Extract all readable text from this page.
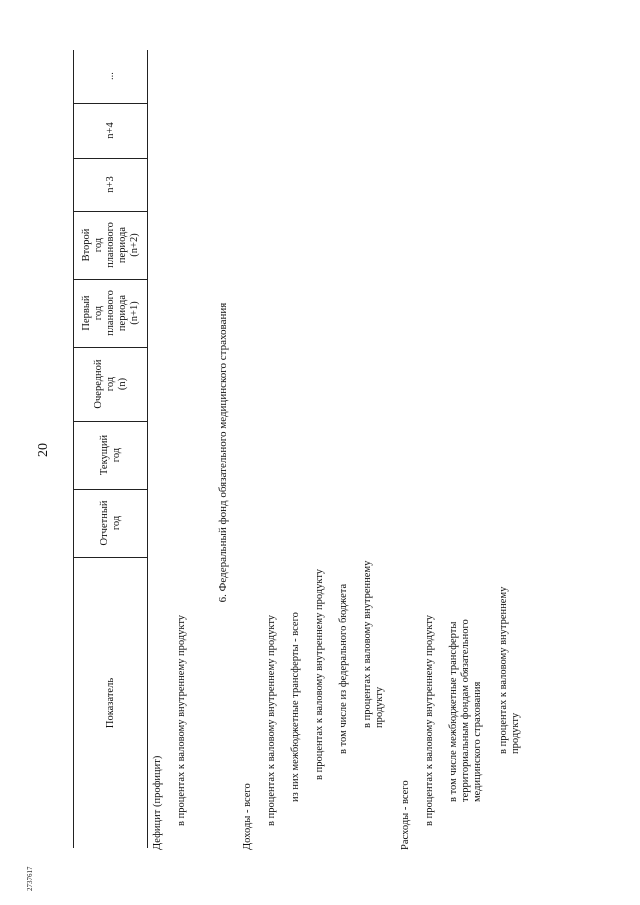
20
2737617
Показатель
Отчетный
год
Текущий
год
Очередной
год
(n)
Первый
год
планового
периода
(n+1)
Второй
год
планового
периода
(n+2)
n+3
n+4
...
Дефицит (профицит) в процентах к валовому внутреннему продукту	Доходы - всего в процентах к валовому внутреннему продукту из них межбюджетные трансферты - всего в процентах к валовому внутреннему продукту в том числе из федерального бюджета в процентах к валовому внутреннему
продукту
Расходы - всего в процентах к валовому внутреннему продукту в том числе межбюджетные трансферты
территориальным фондам обязательного
медицинского страхования
в процентах к валовому внутреннему
продукту
6. Федеральный фонд обязательного медицинского страхования
